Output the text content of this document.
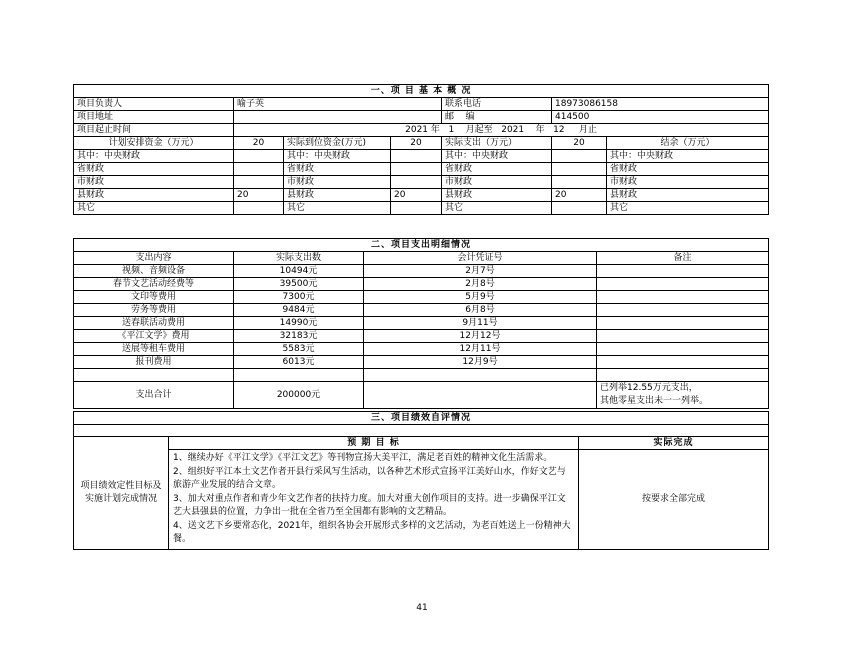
一、项 目 基 本 概 况						
项目负责人	喻子英			联系电话	18973086158	
项目地址				邮    编	414500	
项目起止时间	2021 年   1    月起至   2021    年   12     月止					
计划安排资金（万元）	20	实际到位资金(万元)	20	实际支出（万元）	20	结余（万元）
其中：中央财政		其中：中央财政		其中：中央财政		其中：中央财政
省财政		省财政		省财政		省财政
市财政		市财政		市财政		市财政
县财政	20	县财政	20	县财政	20	县财政
其它		其它		其它		其它
二、项目支出明细情况			
支出内容	实际支出数	会计凭证号	备注
视频、音频设备	10494元	2月7号	
春节文艺活动经费等	39500元	2月8号	
文印等费用	7300元	5月9号	
劳务等费用	9484元	6月8号	
送春联活动费用	14990元	9月11号	
《平江文学》费用	32183元	12月12号	
送展等租车费用	5583元	12月11号	
报刊费用	6013元	12月9号	

支出合计	200000元		已列举12.55万元支出，
其他零星支出未一一列举。
三、项目绩效自评情况		

项目绩效定性目标及实施计划完成情况	预 期 目 标	实际完成

	1、继续办好《平江文学》《平江文艺》等刊物宣扬大美平江，满足老百姓的精神文化生活需求。
2、组织好平江本土文艺作者开县行采风写生活动，以各种艺术形式宣扬平江美好山水，作好文艺与旅游产业发展的结合文章。
3、加大对重点作者和青少年文艺作者的扶持力度。加大对重大创作项目的支持。进一步确保平江文艺大县强县的位置，力争出一批在全省乃至全国都有影响的文艺精品。
4、送文艺下乡要常态化，2021年，组织各协会开展形式多样的文艺活动，为老百姓送上一份精神大餐。	按要求全部完成
41
